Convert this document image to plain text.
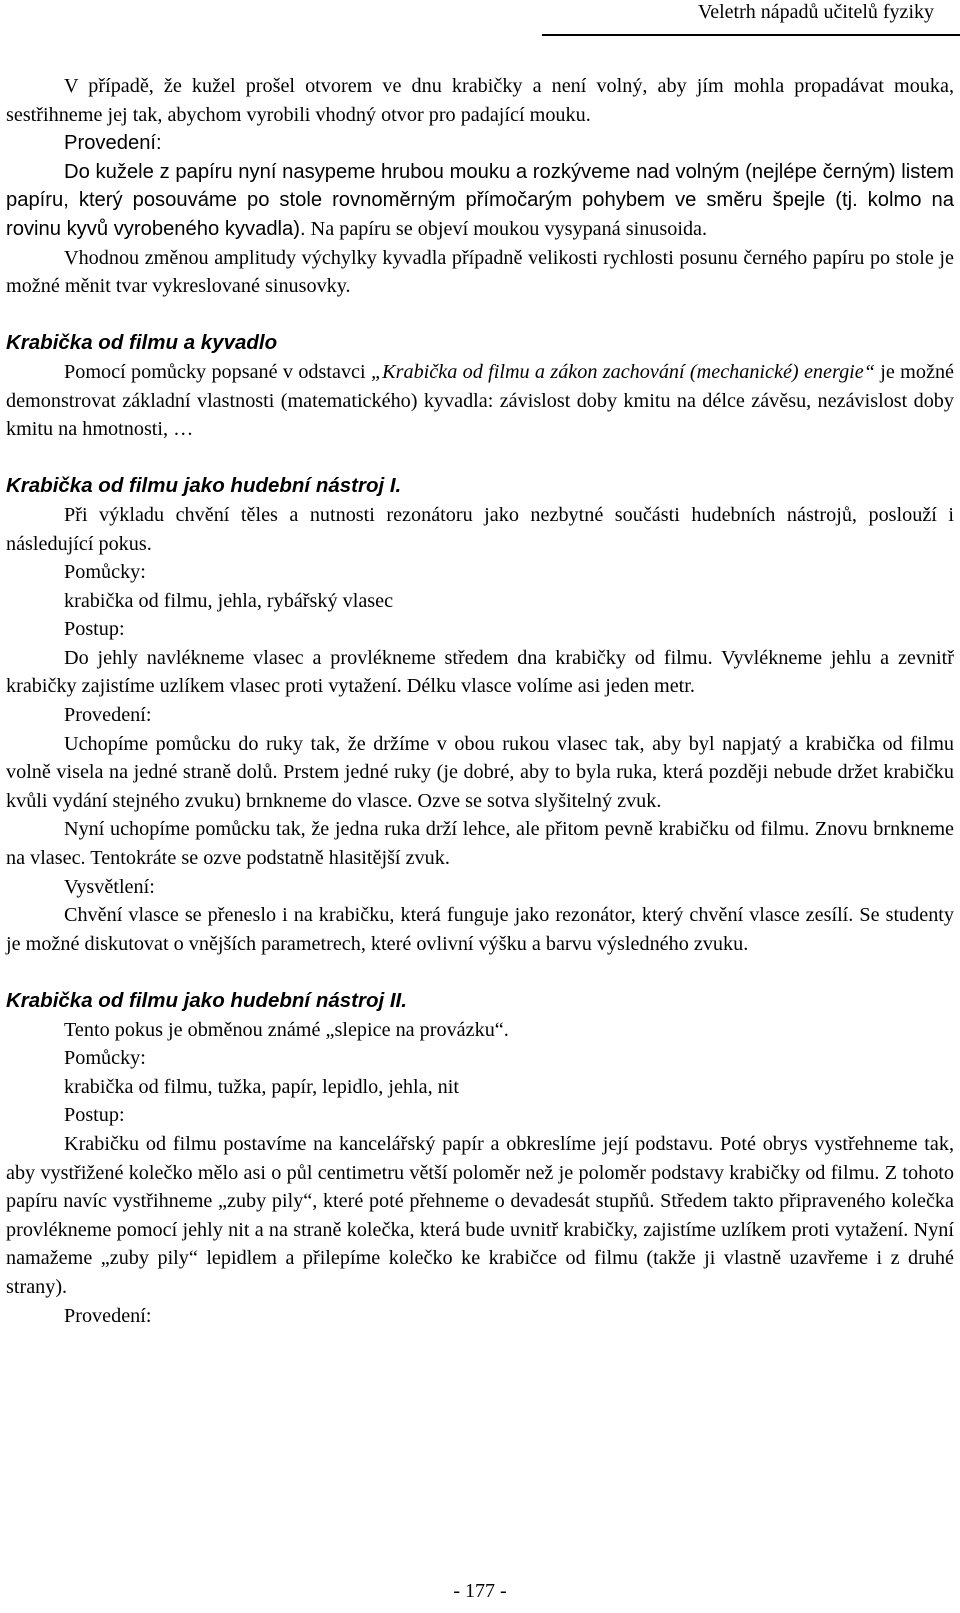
Veletrh nápadů učitelů fyziky

V případě, že kužel prošel otvorem ve dnu krabičky a není volný, aby jím mohla propadávat mouka, sestřihneme jej tak, abychom vyrobili vhodný otvor pro padající mouku.

Provedení:

Do kužele z papíru nyní nasypeme hrubou mouku a rozkýveme nad volným (nejlépe černým) listem papíru, který posouváme po stole rovnoměrným přímočarým pohybem ve směru špejle (tj. kolmo na rovinu kyvů vyrobeného kyvadla). Na papíru se objeví moukou vysypaná sinusoida.

Vhodnou změnou amplitudy výchylky kyvadla případně velikosti rychlosti posunu černého papíru po stole je možné měnit tvar vykreslované sinusovky.

Krabička od filmu a kyvadlo

Pomocí pomůcky popsané v odstavci „Krabička od filmu a zákon zachování (mechanické) energie“ je možné demonstrovat základní vlastnosti (matematického) kyvadla: závislost doby kmitu na délce závěsu, nezávislost doby kmitu na hmotnosti, …

Krabička od filmu jako hudební nástroj I.

Při výkladu chvění těles a nutnosti rezonátoru jako nezbytné součásti hudebních nástrojů, poslouží i následující pokus.

Pomůcky:

krabička od filmu, jehla, rybářský vlasec

Postup:

Do jehly navlékneme vlasec a provlékneme středem dna krabičky od filmu. Vyvlékneme jehlu a zevnitř krabičky zajistíme uzlíkem vlasec proti vytažení. Délku vlasce volíme asi jeden metr.

Provedení:

Uchopíme pomůcku do ruky tak, že držíme v obou rukou vlasec tak, aby byl napjatý a krabička od filmu volně visela na jedné straně dolů. Prstem jedné ruky (je dobré, aby to byla ruka, která později nebude držet krabičku kvůli vydání stejného zvuku) brnkneme do vlasce. Ozve se sotva slyšitelný zvuk.

Nyní uchopíme pomůcku tak, že jedna ruka drží lehce, ale přitom pevně krabičku od filmu. Znovu brnkneme na vlasec. Tentokráte se ozve podstatně hlasitější zvuk.

Vysvětlení:

Chvění vlasce se přeneslo i na krabičku, která funguje jako rezonátor, který chvění vlasce zesílí. Se studenty je možné diskutovat o vnějších parametrech, které ovlivní výšku a barvu výsledného zvuku.

Krabička od filmu jako hudební nástroj II.

Tento pokus je obměnou známé „slepice na provázku“.

Pomůcky:

krabička od filmu, tužka, papír, lepidlo, jehla, nit

Postup:

Krabičku od filmu postavíme na kancelářský papír a obkreslíme její podstavu. Poté obrys vystřehneme tak, aby vystřižené kolečko mělo asi o půl centimetru větší poloměr než je poloměr podstavy krabičky od filmu. Z tohoto papíru navíc vystřihneme „zuby pily“, které poté přehneme o devadesát stupňů. Středem takto připraveného kolečka provlékneme pomocí jehly nit a na straně kolečka, která bude uvnitř krabičky, zajistíme uzlíkem proti vytažení. Nyní namažeme „zuby pily“ lepidlem a přilepíme kolečko ke krabičce od filmu (takže ji vlastně uzavřeme i z druhé strany).

Provedení:

- 177 -
